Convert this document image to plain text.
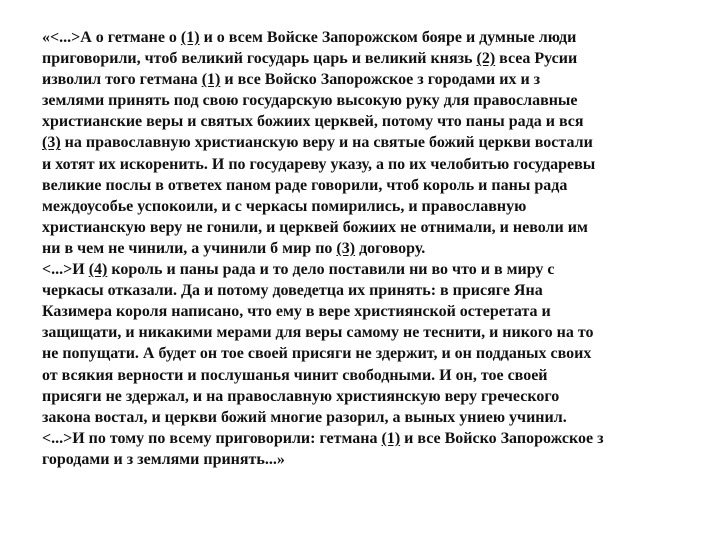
«<...>А о гетмане о (1) и о всем Войске Запорожском бояре и думные люди
приговорили, чтоб великий государь царь и великий князь (2) всеа Русии
изволил того гетмана (1) и все Войско Запорожское з городами их и з
землями принять под свою государскую высокую руку для православные
христианские веры и святых божиих церквей, потому что паны рада и вся
(3) на православную христианскую веру и на святые божий церкви востали
и хотят их искоренить. И по государеву указу, а по их челобитью государевы
великие послы в ответех паном раде говорили, чтоб король и паны рада
междоусобье успокоили, и с черкасы помирились, и православную
христианскую веру не гонили, и церквей божиих не отнимали, и неволи им
ни в чем не чинили, а учинили б мир по (3) договору.
<...>И (4) король и паны рада и то дело поставили ни во что и в миру с
черкасы отказали. Да и потому доведетца их принять: в присяге Яна
Казимера короля написано, что ему в вере християнской остеретата и
защищати, и никакими мерами для веры самому не теснити, и никого на то
не попущати. А будет он тое своей присяги не здержит, и он подданых своих
от всякия верности и послушанья чинит свободными. И он, тое своей
присяги не здержал, и на православную християнскую веру греческого
закона востал, и церкви божий многие разорил, а выных униею учинил.
<...>И по тому по всему приговорили: гетмана (1) и все Войско Запорожское з
городами и з землями принять...»
